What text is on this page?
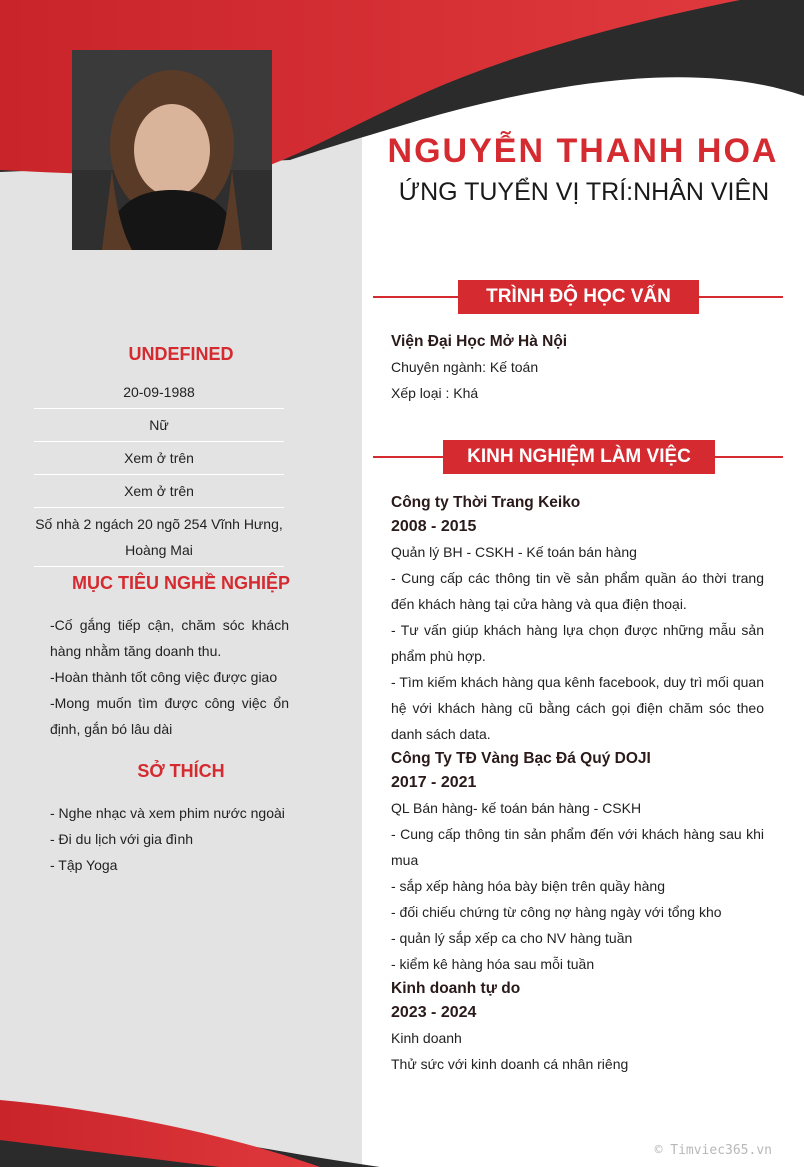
NGUYỄN THANH HOA
ỨNG TUYỂN VỊ TRÍ:NHÂN VIÊN
UNDEFINED
20-09-1988
Nữ
Xem ở trên
Xem ở trên
Số nhà 2 ngách 20 ngõ 254 Vĩnh Hưng, Hoàng Mai
MỤC TIÊU NGHỀ NGHIỆP

-Cố gắng tiếp cận, chăm sóc khách hàng nhằm tăng doanh thu.

-Hoàn thành tốt công việc được giao

-Mong muốn tìm được công việc ổn định, gắn bó lâu dài

SỞ THÍCH

- Nghe nhạc và xem phim nước ngoài

- Đi du lịch với gia đình

- Tập Yoga

TRÌNH ĐỘ HỌC VẤN

Viện Đại Học Mở Hà Nội

Chuyên ngành: Kế toán

Xếp loại : Khá

KINH NGHIỆM LÀM VIỆC

Công ty Thời Trang Keiko

2008 - 2015

Quản lý BH - CSKH - Kế toán bán hàng

- Cung cấp các thông tin về sản phẩm quần áo thời trang đến khách hàng tại cửa hàng và qua điện thoại.

- Tư vấn giúp khách hàng lựa chọn được những mẫu sản phẩm phù hợp.

- Tìm kiếm khách hàng qua kênh facebook, duy trì mối quan hệ với khách hàng cũ bằng cách gọi điện chăm sóc theo danh sách data.

Công Ty TĐ Vàng Bạc Đá Quý DOJI

2017 - 2021

QL Bán hàng- kế toán bán hàng - CSKH

- Cung cấp thông tin sản phẩm đến với khách hàng sau khi mua

- sắp xếp hàng hóa bày biện trên quầy hàng

- đối chiếu chứng từ công nợ hàng ngày với tổng kho

- quản lý sắp xếp ca cho NV hàng tuần

- kiểm kê hàng hóa sau mỗi tuần

Kinh doanh tự do

2023 - 2024

Kinh doanh

Thử sức với kinh doanh cá nhân riêng

© Timviec365.vn
